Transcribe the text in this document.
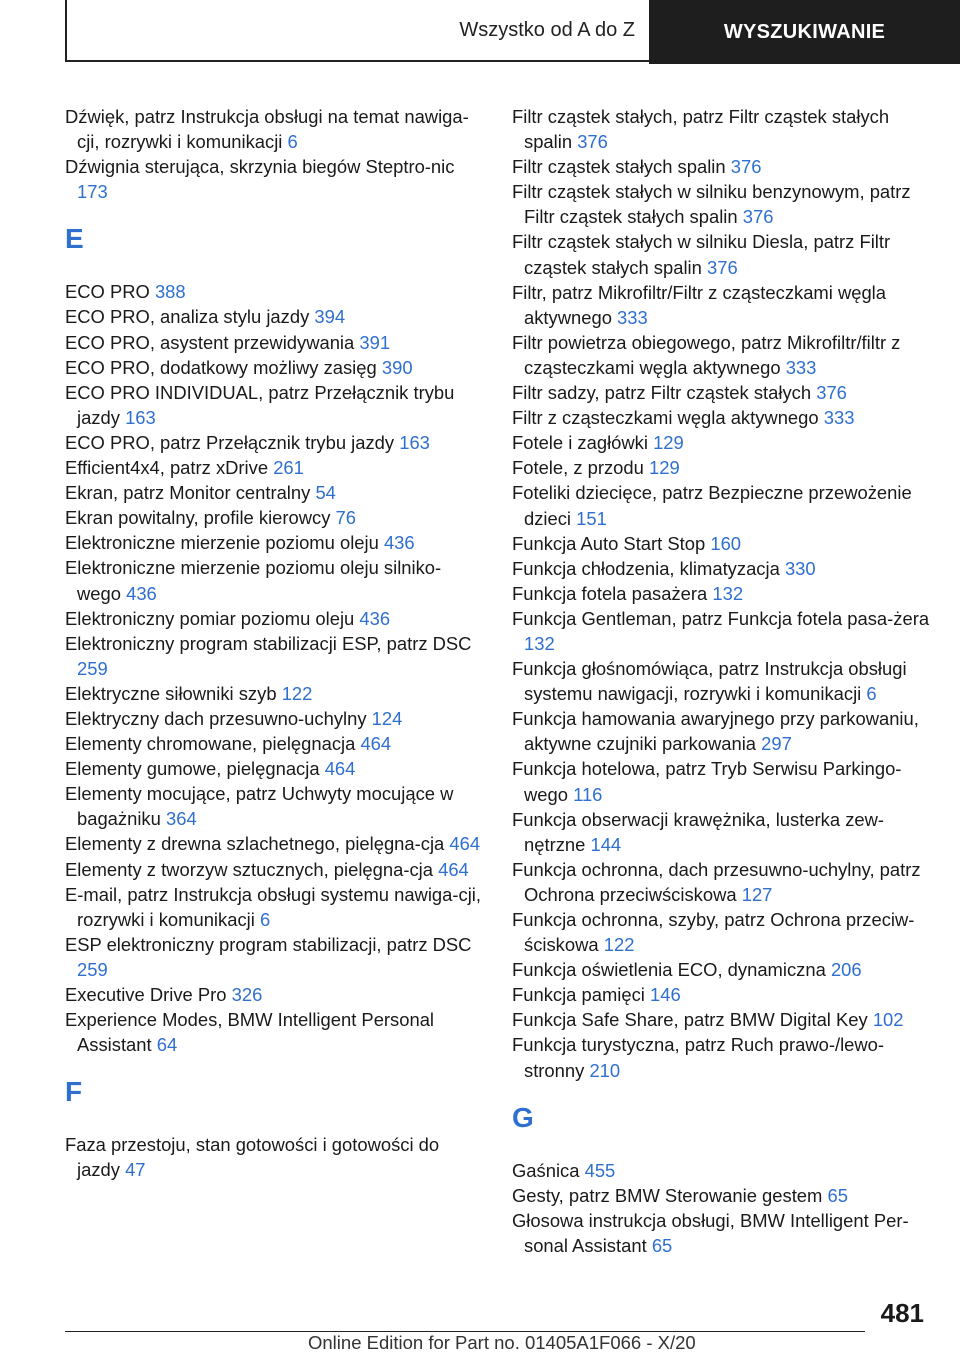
Wszystko od A do Z	WYSZUKIWANIE
Dźwięk, patrz Instrukcja obsługi na temat nawiga-cji, rozrywki i komunikacji 6
Dźwignia sterująca, skrzynia biegów Steptro-nic 173
E
ECO PRO 388
ECO PRO, analiza stylu jazdy 394
ECO PRO, asystent przewidywania 391
ECO PRO, dodatkowy możliwy zasięg 390
ECO PRO INDIVIDUAL, patrz Przełącznik trybu jazdy 163
ECO PRO, patrz Przełącznik trybu jazdy 163
Efficient4x4, patrz xDrive 261
Ekran, patrz Monitor centralny 54
Ekran powitalny, profile kierowcy 76
Elektroniczne mierzenie poziomu oleju 436
Elektroniczne mierzenie poziomu oleju silniko-wego 436
Elektroniczny pomiar poziomu oleju 436
Elektroniczny program stabilizacji ESP, patrz DSC 259
Elektryczne siłowniki szyb 122
Elektryczny dach przesuwno-uchylny 124
Elementy chromowane, pielęgnacja 464
Elementy gumowe, pielęgnacja 464
Elementy mocujące, patrz Uchwyty mocujące w bagażniku 364
Elementy z drewna szlachetnego, pielęgna-cja 464
Elementy z tworzyw sztucznych, pielęgna-cja 464
E-mail, patrz Instrukcja obsługi systemu nawiga-cji, rozrywki i komunikacji 6
ESP elektroniczny program stabilizacji, patrz DSC 259
Executive Drive Pro 326
Experience Modes, BMW Intelligent Personal Assistant 64
F
Faza przestoju, stan gotowości i gotowości do jazdy 47
Filtr cząstek stałych, patrz Filtr cząstek stałych spalin 376
Filtr cząstek stałych spalin 376
Filtr cząstek stałych w silniku benzynowym, patrz Filtr cząstek stałych spalin 376
Filtr cząstek stałych w silniku Diesla, patrz Filtr cząstek stałych spalin 376
Filtr, patrz Mikrofiltr/Filtr z cząsteczkami węgla aktywnego 333
Filtr powietrza obiegowego, patrz Mikrofiltr/filtr z cząsteczkami węgla aktywnego 333
Filtr sadzy, patrz Filtr cząstek stałych 376
Filtr z cząsteczkami węgla aktywnego 333
Fotele i zagłówki 129
Fotele, z przodu 129
Foteliki dziecięce, patrz Bezpieczne przewożenie dzieci 151
Funkcja Auto Start Stop 160
Funkcja chłodzenia, klimatyzacja 330
Funkcja fotela pasażera 132
Funkcja Gentleman, patrz Funkcja fotela pasa-żera 132
Funkcja głośnomówiąca, patrz Instrukcja obsługi systemu nawigacji, rozrywki i komunikacji 6
Funkcja hamowania awaryjnego przy parkowaniu, aktywne czujniki parkowania 297
Funkcja hotelowa, patrz Tryb Serwisu Parkingo-wego 116
Funkcja obserwacji krawężnika, lusterka zew-nętrzne 144
Funkcja ochronna, dach przesuwno-uchylny, patrz Ochrona przeciwściskowa 127
Funkcja ochronna, szyby, patrz Ochrona przeciw-ściskowa 122
Funkcja oświetlenia ECO, dynamiczna 206
Funkcja pamięci 146
Funkcja Safe Share, patrz BMW Digital Key 102
Funkcja turystyczna, patrz Ruch prawo-/lewo-stronny 210
G
Gaśnica 455
Gesty, patrz BMW Sterowanie gestem 65
Głosowa instrukcja obsługi, BMW Intelligent Per-sonal Assistant 65
481
Online Edition for Part no. 01405A1F066 - X/20
